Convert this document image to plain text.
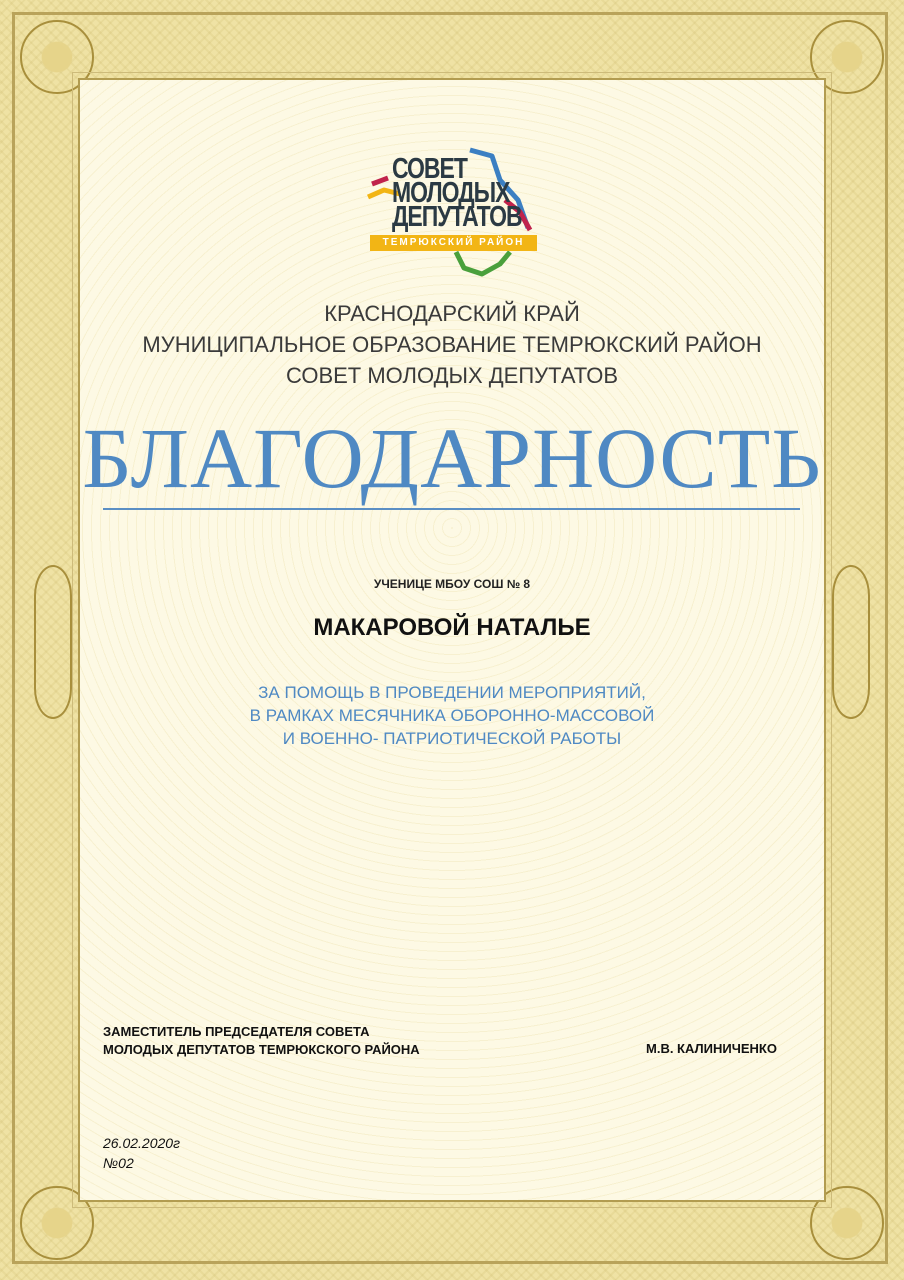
СОВЕТ
МОЛОДЫХ
ДЕПУТАТОВ
ТЕМРЮКСКИЙ РАЙОН
КРАСНОДАРСКИЙ КРАЙ
МУНИЦИПАЛЬНОЕ ОБРАЗОВАНИЕ ТЕМРЮКСКИЙ РАЙОН
СОВЕТ МОЛОДЫХ ДЕПУТАТОВ
БЛАГОДАРНОСТЬ
УЧЕНИЦЕ МБОУ СОШ № 8
МАКАРОВОЙ НАТАЛЬЕ
ЗА ПОМОЩЬ В ПРОВЕДЕНИИ МЕРОПРИЯТИЙ,
В РАМКАХ МЕСЯЧНИКА ОБОРОННО-МАССОВОЙ
И ВОЕННО- ПАТРИОТИЧЕСКОЙ РАБОТЫ
ЗАМЕСТИТЕЛЬ ПРЕДСЕДАТЕЛЯ СОВЕТА
МОЛОДЫХ ДЕПУТАТОВ ТЕМРЮКСКОГО РАЙОНА	М.В. КАЛИНИЧЕНКО
26.02.2020г
№02
